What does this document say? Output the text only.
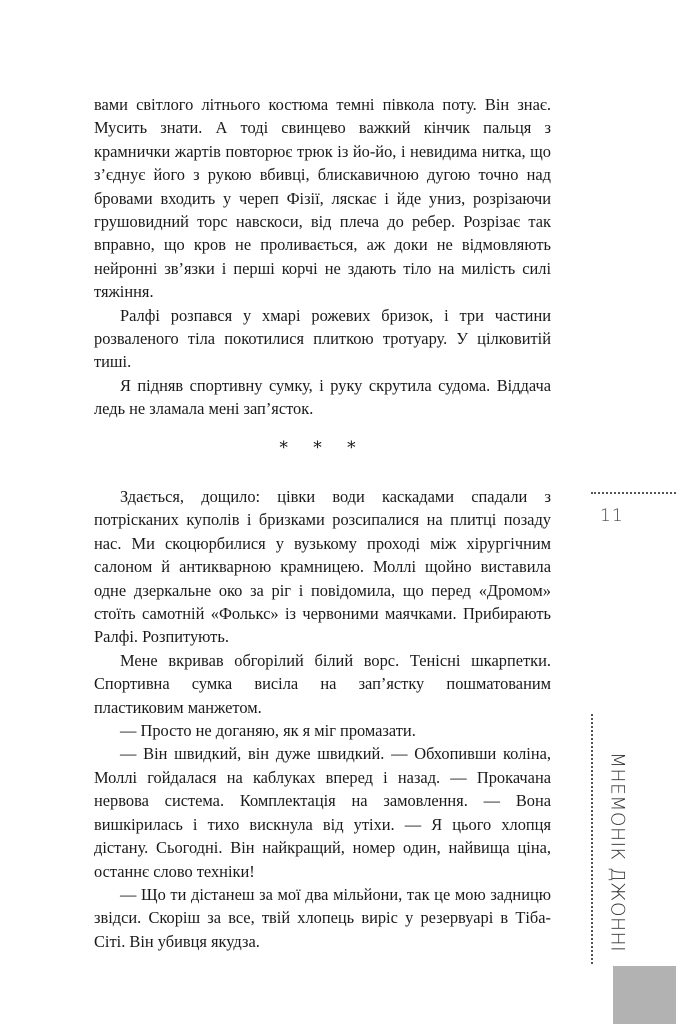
вами світлого літнього костюма темні півкола поту. Він знає. Мусить знати. А тоді свинцево важкий кінчик пальця з крамнички жартів повторює трюк із йо-йо, і невидима нитка, що з’єднує його з рукою вбивці, блискавичною дугою точно над бровами входить у череп Фізії, ляскає і йде униз, розрізаючи грушовидний торс навскоси, від плеча до ребер. Розрізає так вправно, що кров не проливається, аж доки не відмовляють нейронні зв’язки і перші корчі не здають тіло на милість силі тяжіння.

Ралфі розпався у хмарі рожевих бризок, і три частини розваленого тіла покотилися плиткою тротуару. У цілковитій тиші.

Я підняв спортивну сумку, і руку скрутила судома. Віддача ледь не зламала мені зап’ясток.

* * *

Здається, дощило: цівки води каскадами спадали з потрісканих куполів і бризками розсипалися на плитці позаду нас. Ми скоцюрбилися у вузькому проході між хірургічним салоном й антикварною крамницею. Моллі щойно виставила одне дзеркальне око за ріг і повідомила, що перед «Дромом» стоїть самотній «Фолькс» із червоними маячками. Прибирають Ралфі. Розпитують.

Мене вкривав обгорілий білий ворс. Тенісні шкарпетки. Спортивна сумка висіла на зап’ястку пошматованим пластиковим манжетом.

— Просто не доганяю, як я міг промазати.

— Він швидкий, він дуже швидкий. — Обхопивши коліна, Моллі гойдалася на каблуках вперед і назад. — Прокачана нервова система. Комплектація на замовлення. — Вона вишкірилась і тихо вискнула від утіхи. — Я цього хлопця дістану. Сьогодні. Він найкращий, номер один, найвища ціна, останнє слово техніки!

— Що ти дістанеш за мої два мільйони, так це мою задницю звідси. Скоріш за все, твій хлопець виріс у резервуарі в Тіба-Сіті. Він убивця якудза.

11
МНЕМОНІК ДЖОННІ
